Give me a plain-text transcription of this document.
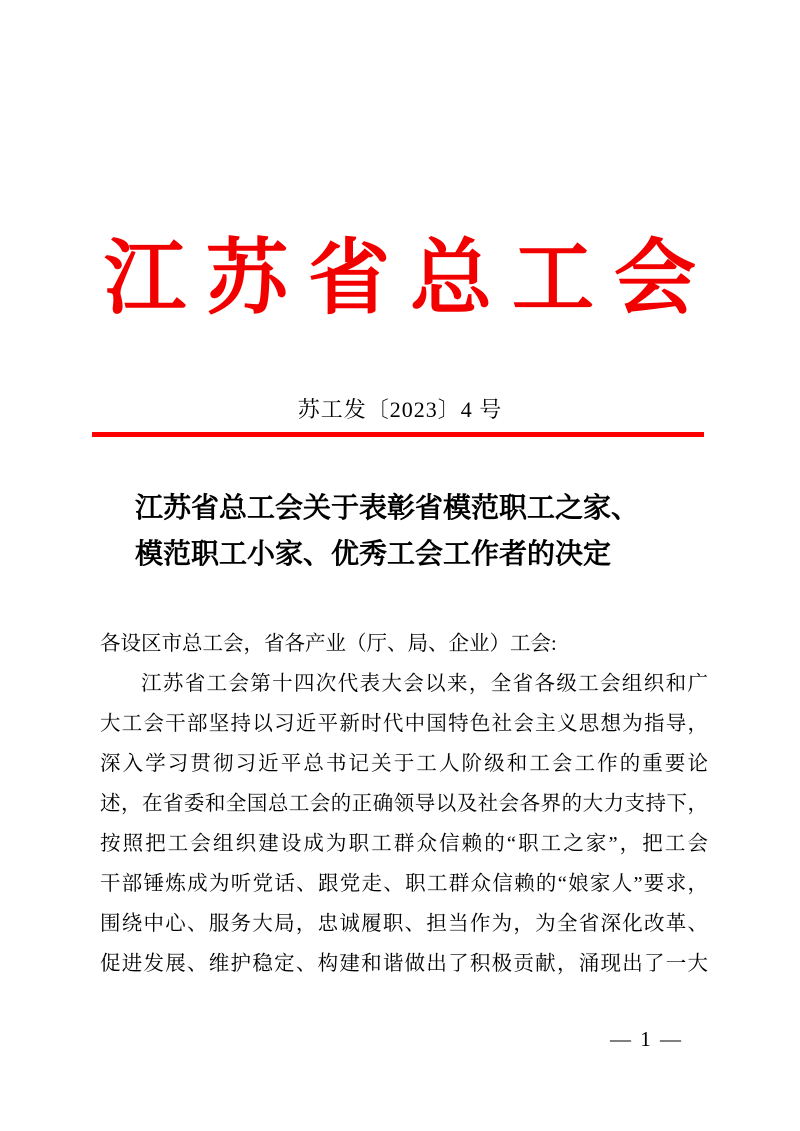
江苏省总工会
苏工发〔2023〕4 号
江苏省总工会关于表彰省模范职工之家、
模范职工小家、优秀工会工作者的决定
各设区市总工会，省各产业（厅、局、企业）工会:
江苏省工会第十四次代表大会以来，全省各级工会组织和广
大工会干部坚持以习近平新时代中国特色社会主义思想为指导，
深入学习贯彻习近平总书记关于工人阶级和工会工作的重要论
述，在省委和全国总工会的正确领导以及社会各界的大力支持下，
按照把工会组织建设成为职工群众信赖的“职工之家”，把工会
干部锤炼成为听党话、跟党走、职工群众信赖的“娘家人”要求，
围绕中心、服务大局，忠诚履职、担当作为，为全省深化改革、
促进发展、维护稳定、构建和谐做出了积极贡献，涌现出了一大
— 1 —
